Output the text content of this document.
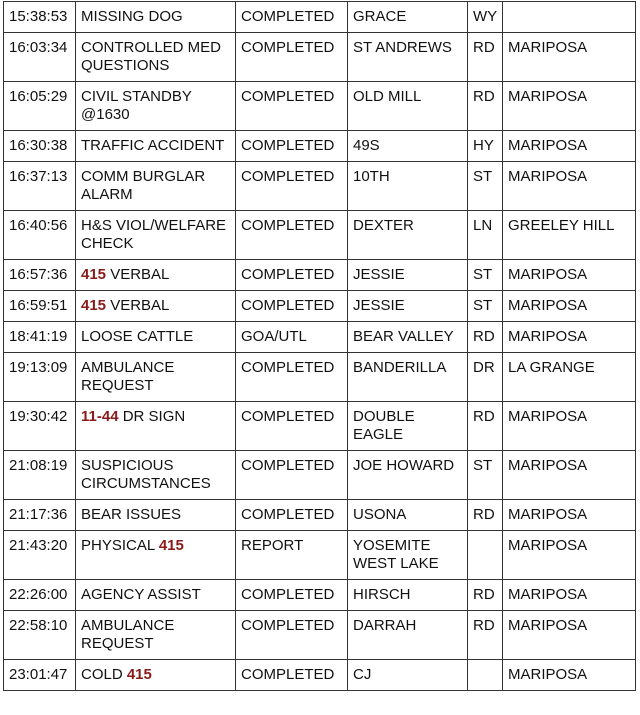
15:38:53	MISSING DOG	COMPLETED	GRACE	WY	
16:03:34	CONTROLLED MED QUESTIONS	COMPLETED	ST ANDREWS	RD	MARIPOSA
16:05:29	CIVIL STANDBY @1630	COMPLETED	OLD MILL	RD	MARIPOSA
16:30:38	TRAFFIC ACCIDENT	COMPLETED	49S	HY	MARIPOSA
16:37:13	COMM BURGLAR ALARM	COMPLETED	10TH	ST	MARIPOSA
16:40:56	H&S VIOL/WELFARE CHECK	COMPLETED	DEXTER	LN	GREELEY HILL
16:57:36	415 VERBAL	COMPLETED	JESSIE	ST	MARIPOSA
16:59:51	415 VERBAL	COMPLETED	JESSIE	ST	MARIPOSA
18:41:19	LOOSE CATTLE	GOA/UTL	BEAR VALLEY	RD	MARIPOSA
19:13:09	AMBULANCE REQUEST	COMPLETED	BANDERILLA	DR	LA GRANGE
19:30:42	11-44 DR SIGN	COMPLETED	DOUBLE EAGLE	RD	MARIPOSA
21:08:19	SUSPICIOUS CIRCUMSTANCES	COMPLETED	JOE HOWARD	ST	MARIPOSA
21:17:36	BEAR ISSUES	COMPLETED	USONA	RD	MARIPOSA
21:43:20	PHYSICAL 415	REPORT	YOSEMITE WEST LAKE		MARIPOSA
22:26:00	AGENCY ASSIST	COMPLETED	HIRSCH	RD	MARIPOSA
22:58:10	AMBULANCE REQUEST	COMPLETED	DARRAH	RD	MARIPOSA
23:01:47	COLD 415	COMPLETED	CJ		MARIPOSA
